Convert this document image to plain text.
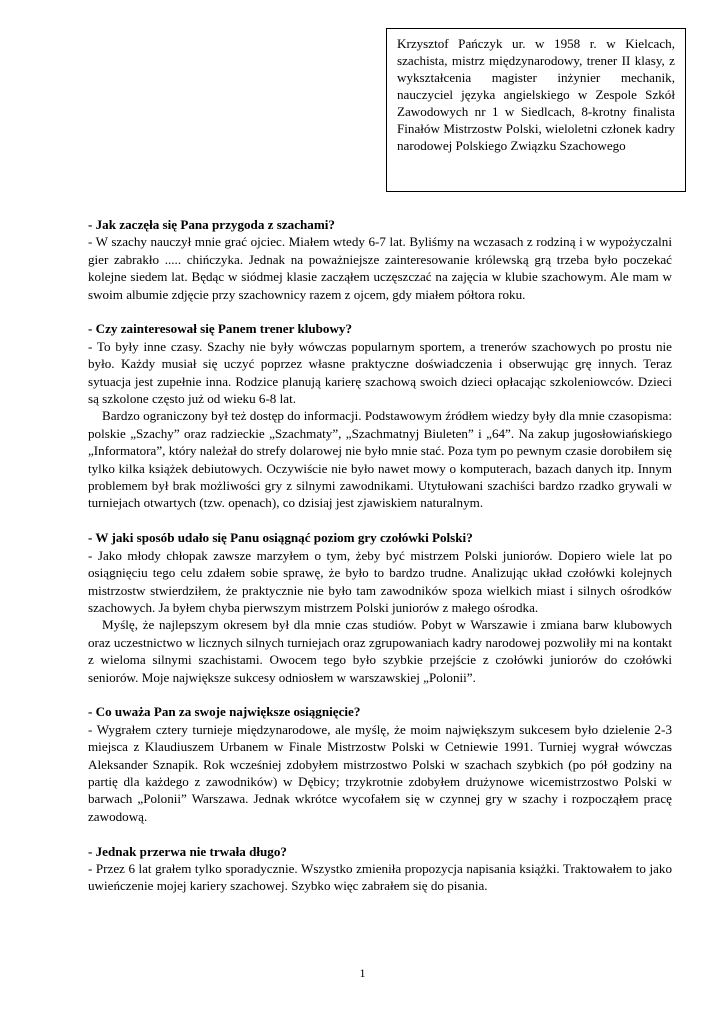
Krzysztof Pańczyk ur. w 1958 r. w Kielcach, szachista, mistrz międzynarodowy, trener II klasy, z wykształcenia magister inżynier mechanik, nauczyciel języka angielskiego w Zespole Szkół Zawodowych nr 1 w Siedlcach, 8-krotny finalista Finałów Mistrzostw Polski, wieloletni członek kadry narodowej Polskiego Związku Szachowego
- Jak zaczęła się Pana przygoda z szachami?
- W szachy nauczył mnie grać ojciec. Miałem wtedy 6-7 lat. Byliśmy na wczasach z rodziną i w wypożyczalni gier zabrakło ..... chińczyka. Jednak na poważniejsze zainteresowanie królewską grą trzeba było poczekać kolejne siedem lat. Będąc w siódmej klasie zacząłem uczęszczać na zajęcia w klubie szachowym. Ale mam w swoim albumie zdjęcie przy szachownicy razem z ojcem, gdy miałem półtora roku.
- Czy zainteresował się Panem trener klubowy?
- To były inne czasy. Szachy nie były wówczas popularnym sportem, a trenerów szachowych po prostu nie było. Każdy musiał się uczyć poprzez własne praktyczne doświadczenia i obserwując grę innych. Teraz sytuacja jest zupełnie inna. Rodzice planują karierę szachową swoich dzieci opłacając szkoleniowców. Dzieci są szkolone często już od wieku 6-8 lat.
Bardzo ograniczony był też dostęp do informacji. Podstawowym źródłem wiedzy były dla mnie czasopisma: polskie „Szachy” oraz radzieckie „Szachmaty”, „Szachmatnyj Biuleten” i „64”. Na zakup jugosłowiańskiego „Informatora”, który należał do strefy dolarowej nie było mnie stać. Poza tym po pewnym czasie dorobiłem się tylko kilka książek debiutowych. Oczywiście nie było nawet mowy o komputerach, bazach danych itp. Innym problemem był brak możliwości gry z silnymi zawodnikami. Utytułowani szachiści bardzo rzadko grywali w turniejach otwartych (tzw. openach), co dzisiaj jest zjawiskiem naturalnym.
- W jaki sposób udało się Panu osiągnąć poziom gry czołówki Polski?
- Jako młody chłopak zawsze marzyłem o tym, żeby być mistrzem Polski juniorów. Dopiero wiele lat po osiągnięciu tego celu zdałem sobie sprawę, że było to bardzo trudne. Analizując układ czołówki kolejnych mistrzostw stwierdziłem, że praktycznie nie było tam zawodników spoza wielkich miast i silnych ośrodków szachowych. Ja byłem chyba pierwszym mistrzem Polski juniorów z małego ośrodka.
Myślę, że najlepszym okresem był dla mnie czas studiów. Pobyt w Warszawie i zmiana barw klubowych oraz uczestnictwo w licznych silnych turniejach oraz zgrupowaniach kadry narodowej pozwoliły mi na kontakt z wieloma silnymi szachistami. Owocem tego było szybkie przejście z czołówki juniorów do czołówki seniorów. Moje największe sukcesy odniosłem w warszawskiej „Polonii”.
- Co uważa Pan za swoje największe osiągnięcie?
- Wygrałem cztery turnieje międzynarodowe, ale myślę, że moim największym sukcesem było dzielenie 2-3 miejsca z Klaudiuszem Urbanem w Finale Mistrzostw Polski w Cetniewie 1991. Turniej wygrał wówczas Aleksander Sznapik. Rok wcześniej zdobyłem mistrzostwo Polski w szachach szybkich (po pół godziny na partię dla każdego z zawodników) w Dębicy; trzykrotnie zdobyłem drużynowe wicemistrzostwo Polski w barwach „Polonii” Warszawa. Jednak wkrótce wycofałem się w czynnej gry w szachy i rozpocząłem pracę zawodową.
- Jednak przerwa nie trwała długo?
- Przez 6 lat grałem tylko sporadycznie. Wszystko zmieniła propozycja napisania książki. Traktowałem to jako uwieńczenie mojej kariery szachowej. Szybko więc zabrałem się do pisania.
1
